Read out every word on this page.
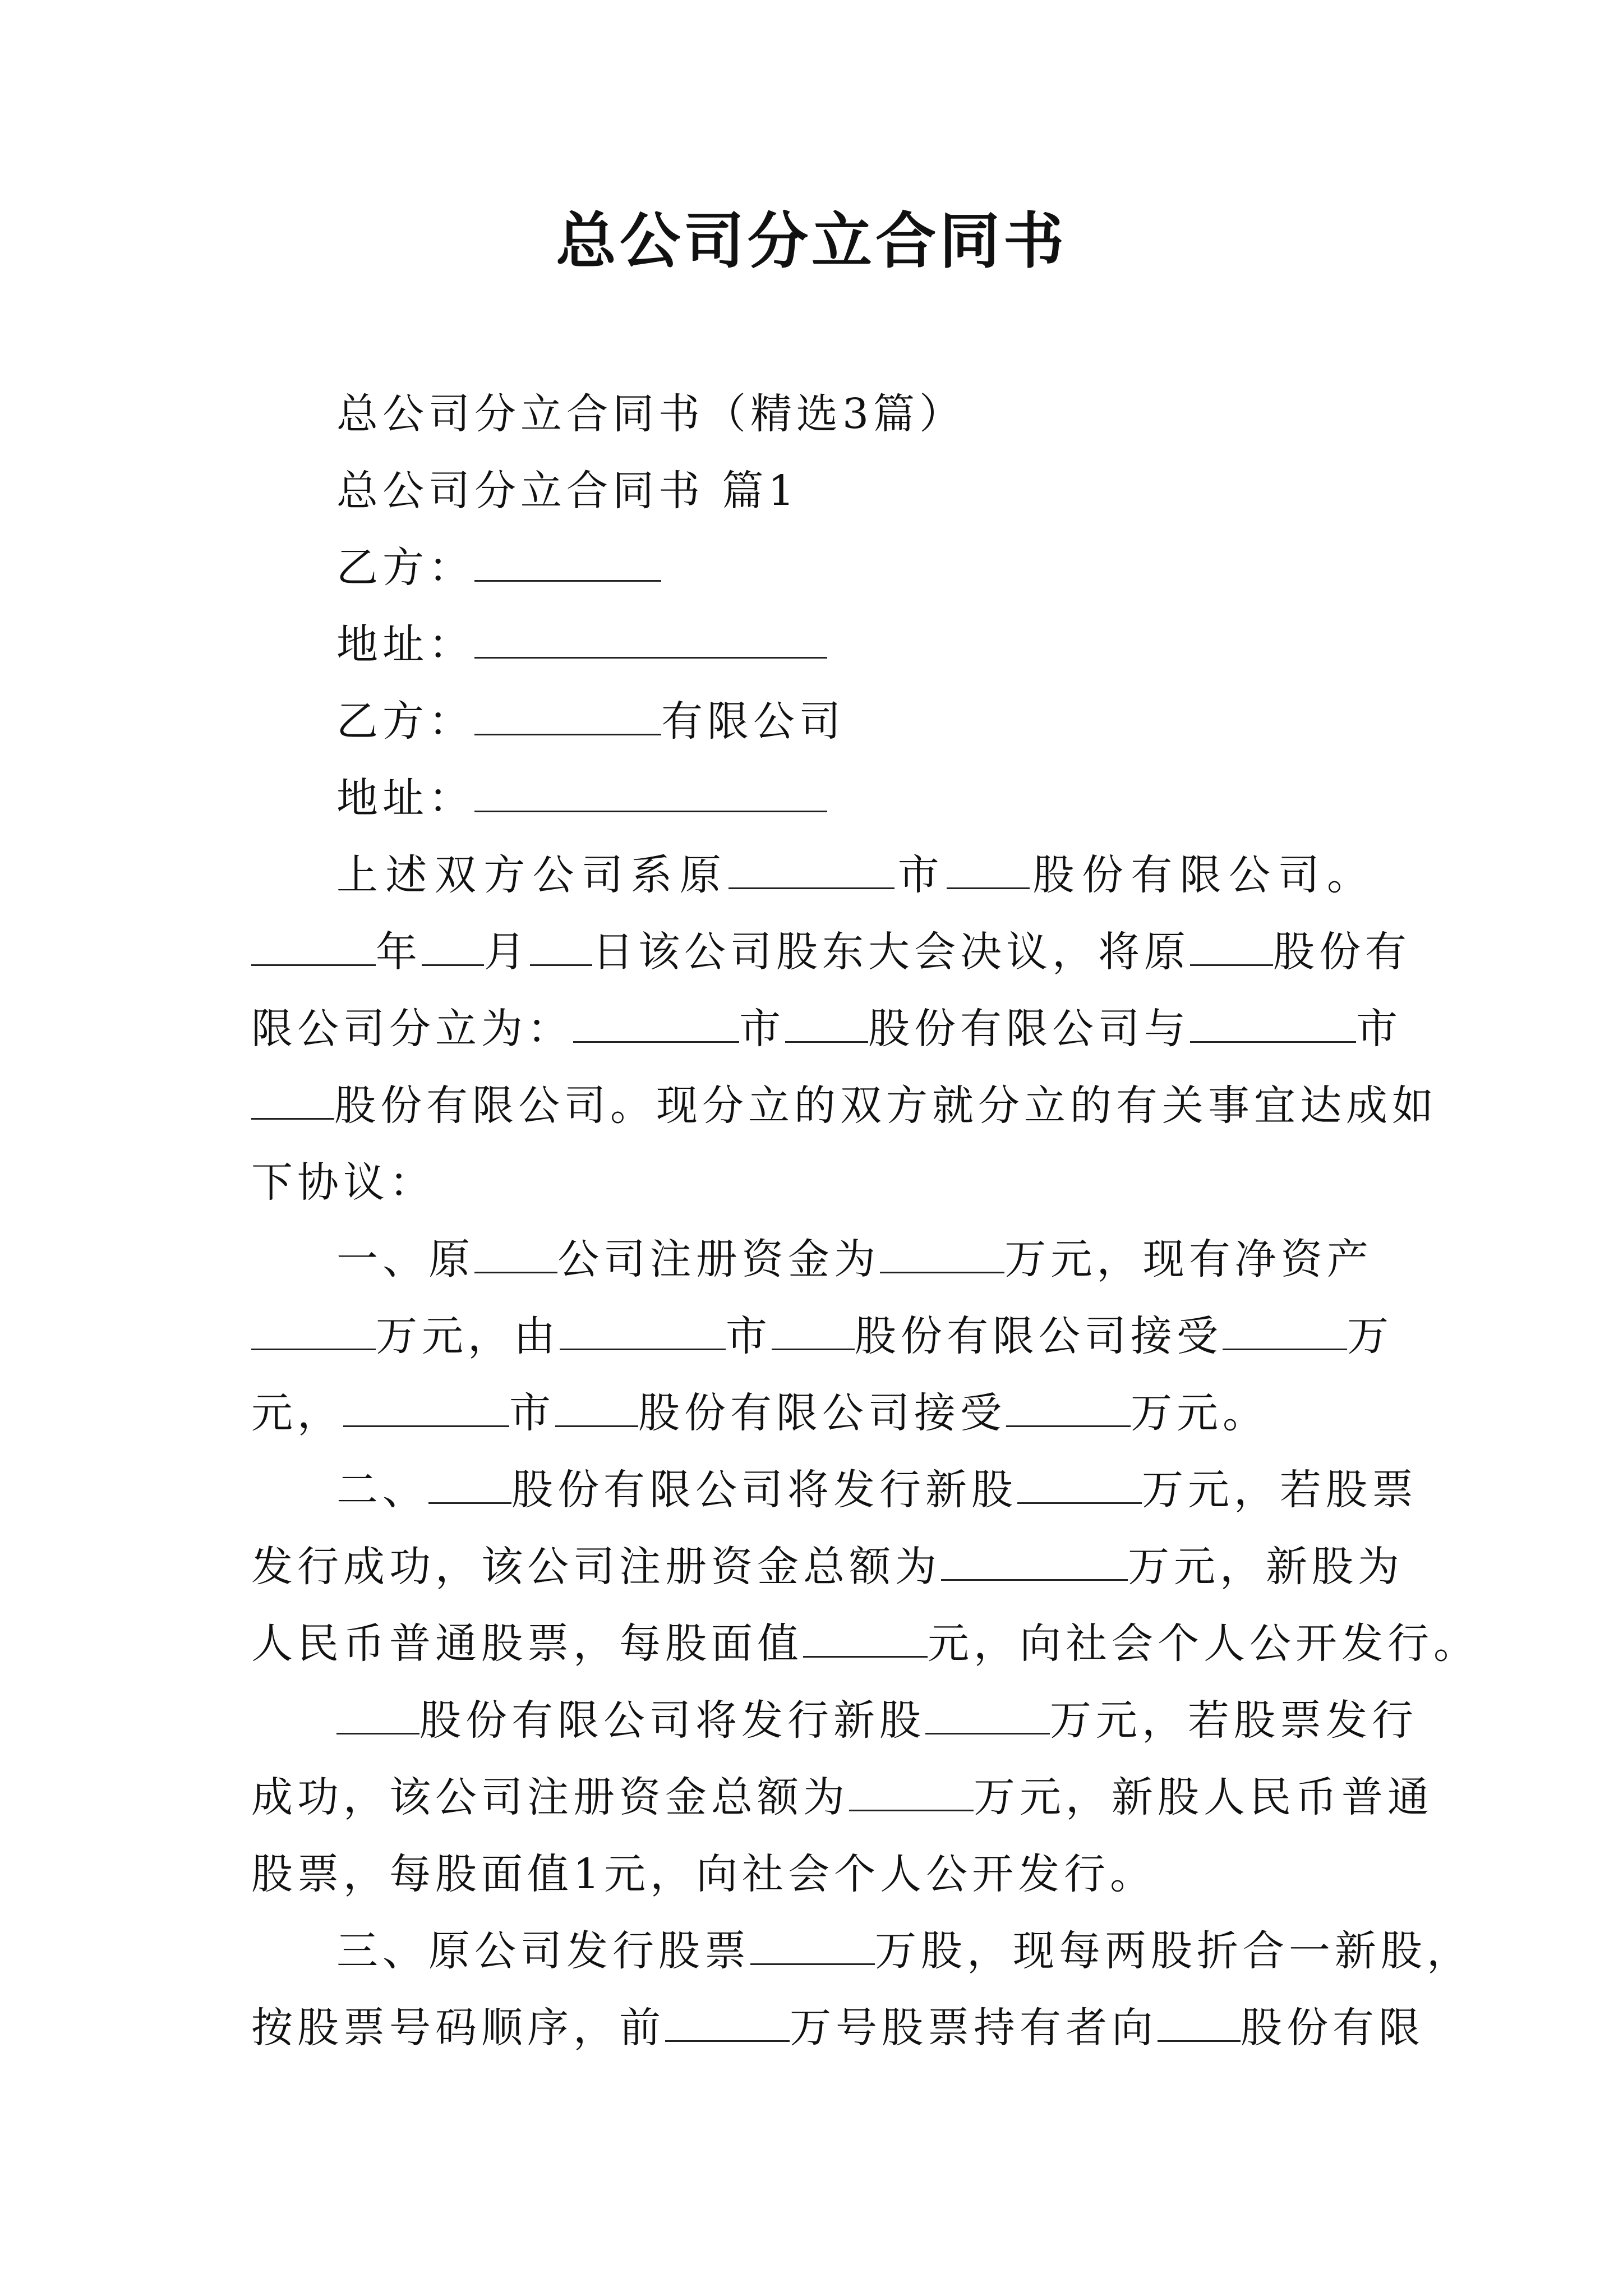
总公司分立合同书
总公司分立合同书（精选3篇）
总公司分立合同书 篇1
乙方：
地址：
乙方：	有限公司
地址：
上述双方公司系原	市 股份有限公司。
年 月 日该公司股东大会决议，将原 股份有
限公司分立为：	市 股份有限公司与	市
股份有限公司。现分立的双方就分立的有关事宜达成如
下协议：
一、原 公司注册资金为	万元，现有净资产
万元，由	市 股份有限公司接受	万
元，	市 股份有限公司接受	万元。
二、 股份有限公司将发行新股	万元，若股票
发行成功，该公司注册资金总额为	万元，新股为
人民币普通股票，每股面值	元，向社会个人公开发行。
股份有限公司将发行新股	万元，若股票发行
成功，该公司注册资金总额为	万元，新股人民币普通
股票，每股面值1元，向社会个人公开发行。
三、原公司发行股票	万股，现每两股折合一新股，
按股票号码顺序，前	万号股票持有者向 股份有限
